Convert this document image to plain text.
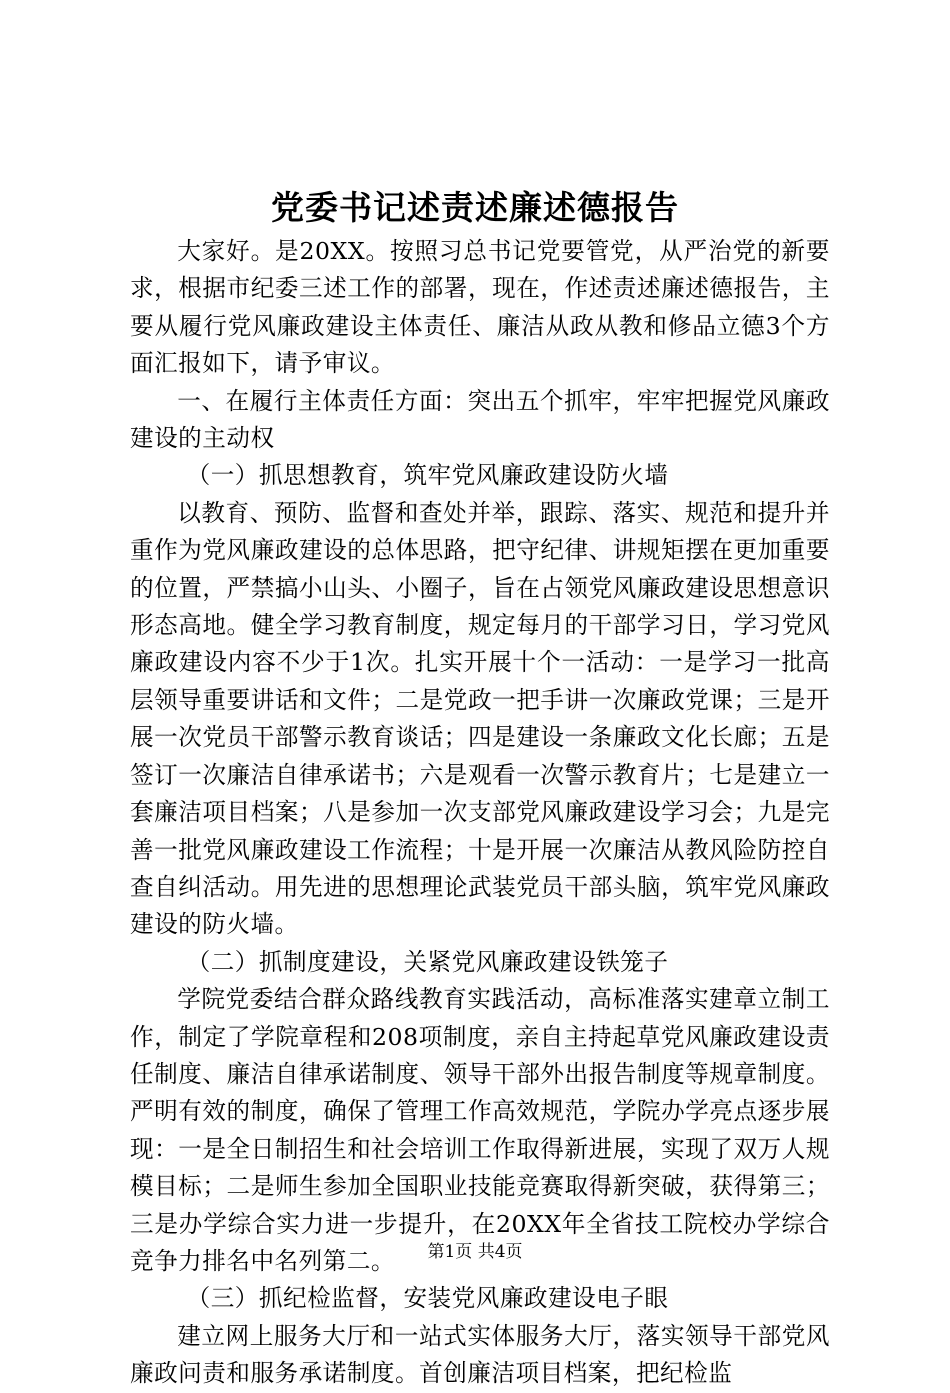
党委书记述责述廉述德报告

大家好。是20XX。按照习总书记党要管党，从严治党的新要求，根据市纪委三述工作的部署，现在，作述责述廉述德报告，主要从履行党风廉政建设主体责任、廉洁从政从教和修品立德3个方面汇报如下，请予审议。

一、在履行主体责任方面：突出五个抓牢，牢牢把握党风廉政建设的主动权

（一）抓思想教育，筑牢党风廉政建设防火墙

以教育、预防、监督和查处并举，跟踪、落实、规范和提升并重作为党风廉政建设的总体思路，把守纪律、讲规矩摆在更加重要的位置，严禁搞小山头、小圈子，旨在占领党风廉政建设思想意识形态高地。健全学习教育制度，规定每月的干部学习日，学习党风廉政建设内容不少于1次。扎实开展十个一活动：一是学习一批高层领导重要讲话和文件；二是党政一把手讲一次廉政党课；三是开展一次党员干部警示教育谈话；四是建设一条廉政文化长廊；五是签订一次廉洁自律承诺书；六是观看一次警示教育片；七是建立一套廉洁项目档案；八是参加一次支部党风廉政建设学习会；九是完善一批党风廉政建设工作流程；十是开展一次廉洁从教风险防控自查自纠活动。用先进的思想理论武装党员干部头脑，筑牢党风廉政建设的防火墙。

（二）抓制度建设，关紧党风廉政建设铁笼子

学院党委结合群众路线教育实践活动，高标准落实建章立制工作，制定了学院章程和208项制度，亲自主持起草党风廉政建设责任制度、廉洁自律承诺制度、领导干部外出报告制度等规章制度。严明有效的制度，确保了管理工作高效规范，学院办学亮点逐步展现：一是全日制招生和社会培训工作取得新进展，实现了双万人规模目标；二是师生参加全国职业技能竞赛取得新突破，获得第三；三是办学综合实力进一步提升，在20XX年全省技工院校办学综合竞争力排名中名列第二。

（三）抓纪检监督，安装党风廉政建设电子眼

建立网上服务大厅和一站式实体服务大厅，落实领导干部党风廉政问责和服务承诺制度。首创廉洁项目档案，把纪检监

第1页 共4页
